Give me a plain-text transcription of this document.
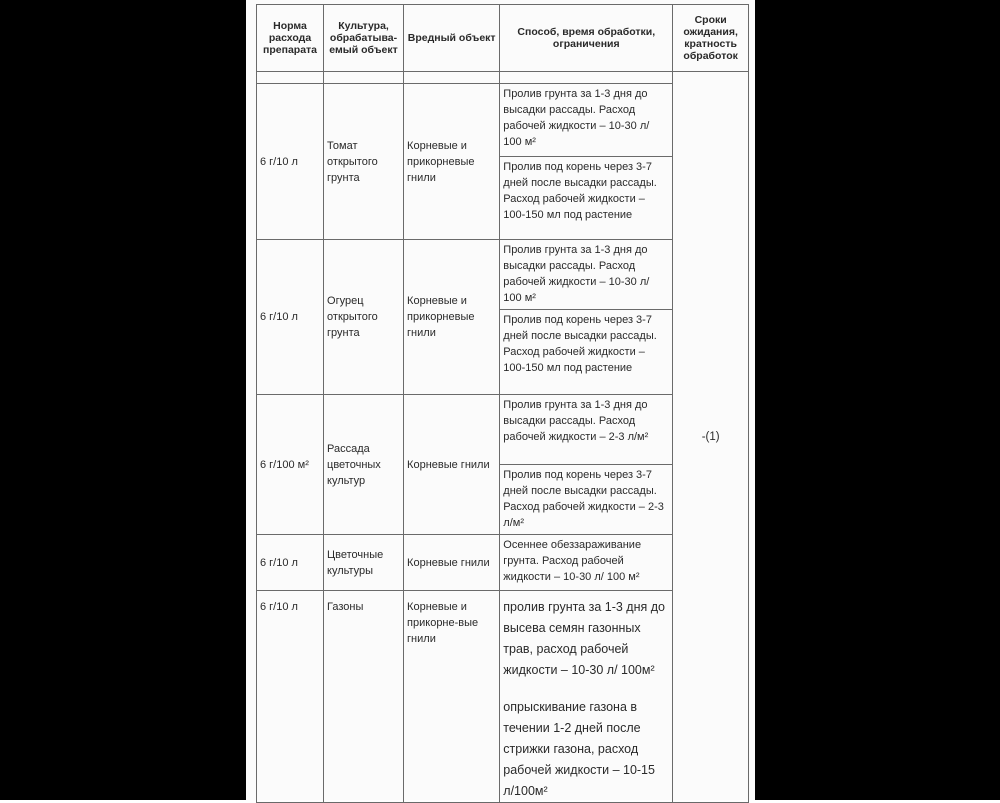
Норма расхода препарата	Культура, обрабатыва-емый объект	Вредный объект	Способ, время обработки, ограничения	Сроки ожидания, кратность обработок
				-(1)
6 г/10 л	Томат открытого грунта	Корневые и прикорневые гнили	Пролив грунта за 1-3 дня до высадки рассады. Расход рабочей жидкости – 10-30 л/ 100 м²	
			Пролив под корень через 3-7 дней после высадки рассады. Расход рабочей жидкости – 100-150 мл под растение	
6 г/10 л	Огурец открытого грунта	Корневые и прикорневые гнили	Пролив грунта за 1-3 дня до высадки рассады. Расход рабочей жидкости – 10-30 л/ 100 м²	
			Пролив под корень через 3-7 дней после высадки рассады. Расход рабочей жидкости – 100-150 мл под растение	
6 г/100 м²	Рассада цветочных культур	Корневые гнили	Пролив грунта за 1-3 дня до высадки рассады. Расход рабочей жидкости – 2-3 л/м²	
			Пролив под корень через 3-7 дней после высадки рассады. Расход рабочей жидкости – 2-3 л/м²	
6 г/10 л	Цветочные культуры	Корневые гнили	Осеннее обеззараживание грунта. Расход рабочей жидкости – 10-30 л/ 100 м²	
6 г/10 л	Газоны	Корневые и прикорне-вые гнили	пролив грунта за 1-3 дня до высева семян газонных трав, расход рабочей жидкости – 10-30 л/ 100м²	
			опрыскивание газона в течении 1-2 дней после стрижки газона, расход рабочей жидкости – 10-15 л/100м²	
